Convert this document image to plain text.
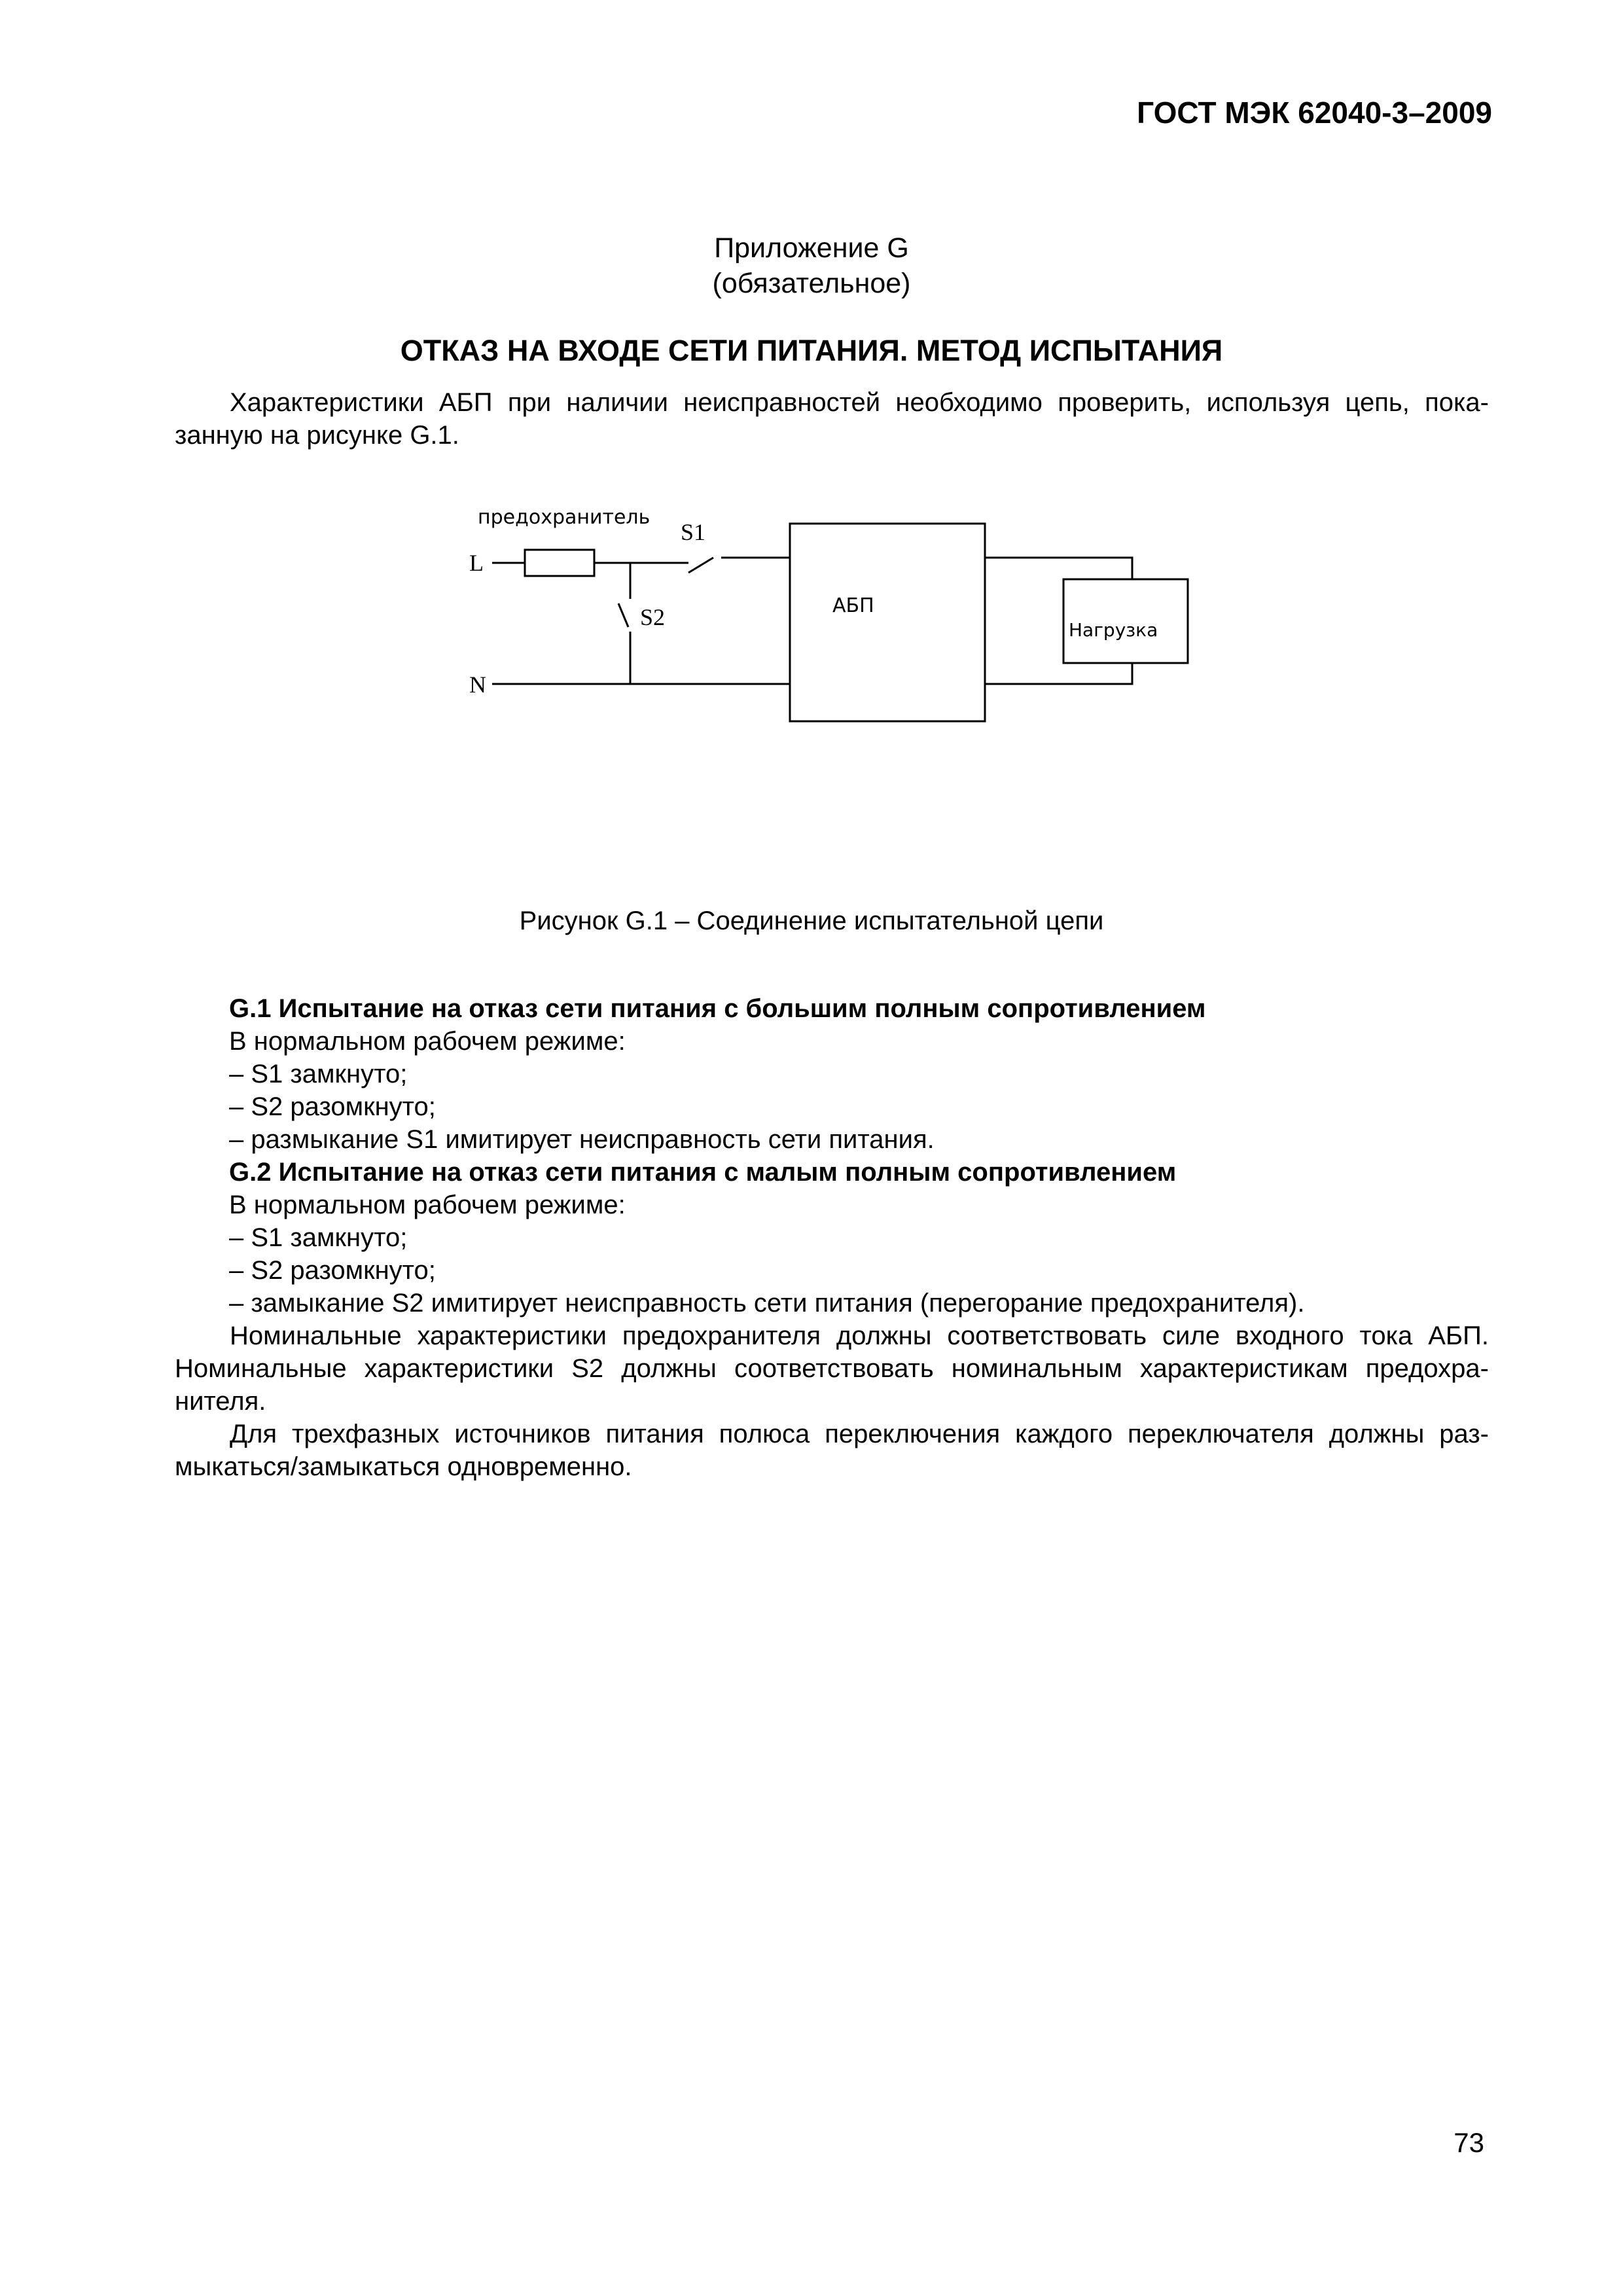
ГОСТ МЭК 62040-3–2009
Приложение G
(обязательное)
ОТКАЗ НА ВХОДЕ СЕТИ ПИТАНИЯ. МЕТОД ИСПЫТАНИЯ
Характеристики АБП при наличии неисправностей необходимо проверить, используя цепь, пока-
занную на рисунке G.1.
предохранитель
S1
S2
L
N
АБП
Нагрузка
Рисунок G.1 – Соединение испытательной цепи
G.1 Испытание на отказ сети питания с большим полным сопротивлением
В нормальном рабочем режиме:
– S1 замкнуто;
– S2 разомкнуто;
– размыкание S1 имитирует неисправность сети питания.
G.2 Испытание на отказ сети питания с малым полным сопротивлением
В нормальном рабочем режиме:
– S1 замкнуто;
– S2 разомкнуто;
– замыкание S2 имитирует неисправность сети питания (перегорание предохранителя).
Номинальные характеристики предохранителя должны соответствовать силе входного тока АБП.
Номинальные характеристики S2 должны соответствовать номинальным характеристикам предохра-
нителя.
Для трехфазных источников питания полюса переключения каждого переключателя должны раз-
мыкаться/замыкаться одновременно.
73
